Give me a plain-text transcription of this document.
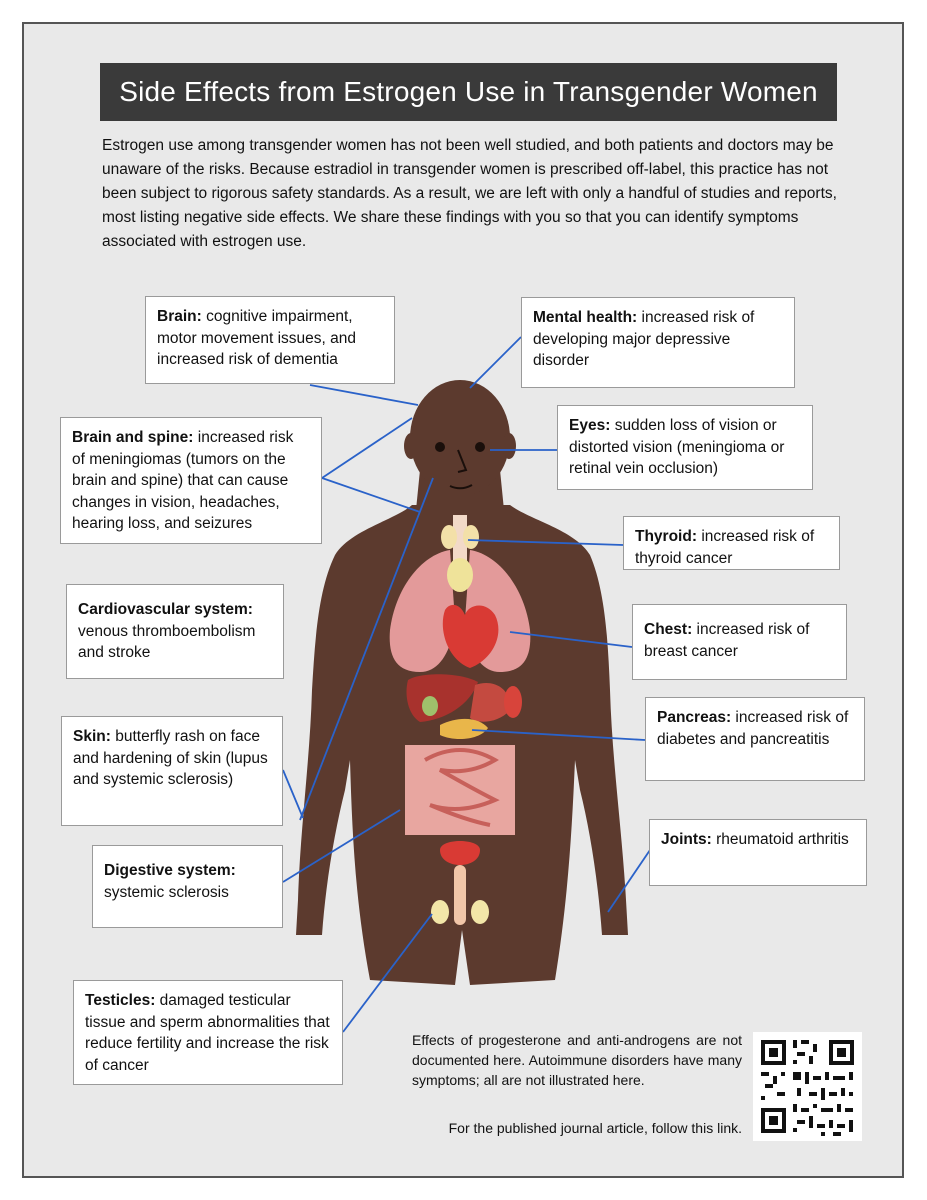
Side Effects from Estrogen Use in Transgender Women
Estrogen use among transgender women has not been well studied, and both patients and doctors may be unaware of the risks. Because estradiol in transgender women is prescribed off-label, this practice has not been subject to rigorous safety standards. As a result, we are left with only a handful of studies and reports, most listing negative side effects. We share these findings with you so that you can identify symptoms associated with estrogen use.
Brain: cognitive impairment, motor movement issues, and increased risk of dementia
Brain and spine: increased risk of meningiomas (tumors on the brain and spine) that can cause changes in vision, headaches, hearing loss, and seizures
Cardiovascular system: venous thromboembolism and stroke
Skin: butterfly rash on face and hardening of skin (lupus and systemic sclerosis)
Digestive system: systemic sclerosis
Testicles: damaged testicular tissue and sperm abnormalities that reduce fertility and increase the risk of cancer
Mental health: increased risk of developing major depressive disorder
Eyes: sudden loss of vision or distorted vision (meningioma or retinal vein occlusion)
Thyroid: increased risk of thyroid cancer
Chest: increased risk of breast cancer
Pancreas: increased risk of diabetes and pancreatitis
Joints: rheumatoid arthritis
Effects of progesterone and anti-androgens are not documented here. Autoimmune disorders have many symptoms; all are not illustrated here.
For the published journal article, follow this link.
